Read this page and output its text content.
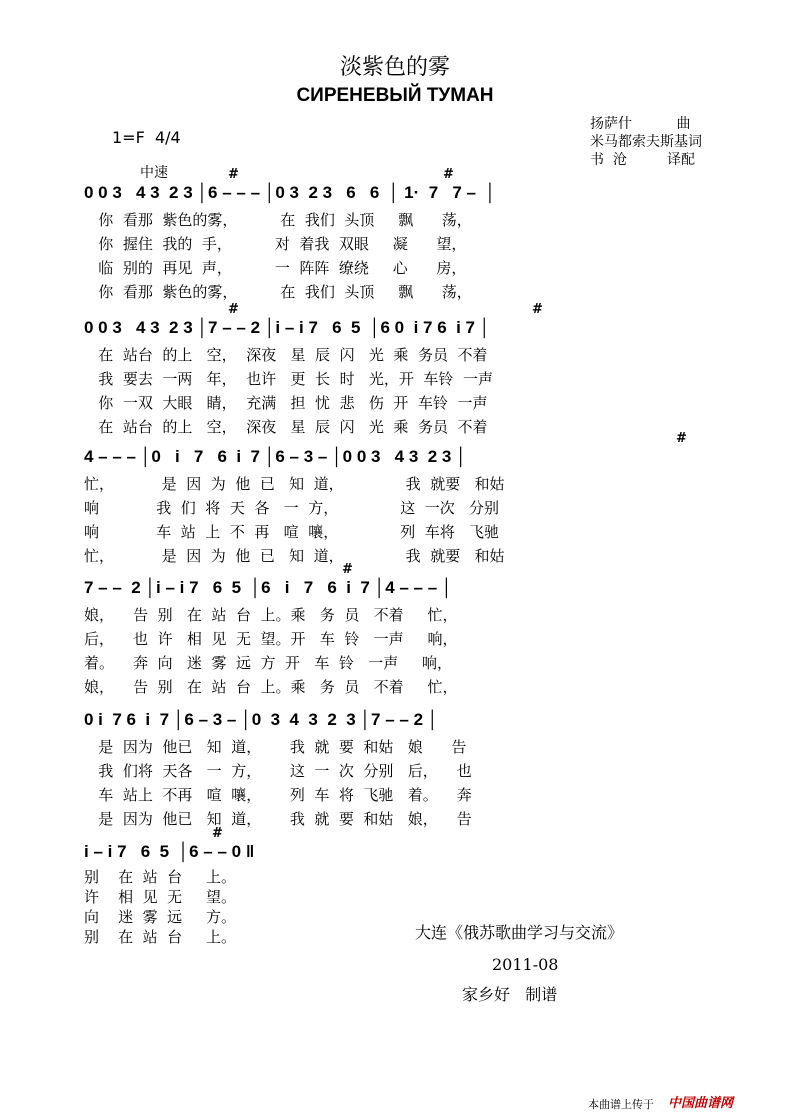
淡紫色的雾
СИРЕНЕВЫЙ ТУМАН
1=F  4/4
中速
扬萨什          曲
米马都索夫斯基词
书  沧         译配
0 0 3   4 3  2 3 │6 – – – │0 3  2 3   6   6  │ 1·  7   7 –  │
#	#
你  看那  紫色的雾，         在  我们  头顶     飘      荡，
你  握住  我的  手，         对  着我  双眼     凝      望，
临  别的  再见  声，         一  阵阵  缭绕     心      房，
你  看那  紫色的雾，         在  我们  头顶     飘      荡，
0 0 3   4 3  2 3 │7 – – 2 │i – i 7   6  5  │6 0  i 7 6  i 7 │
#	#
在  站台  的上   空，  深夜   星  辰  闪   光  乘  务员  不着
我  要去  一两   年，  也许   更  长  时   光，开  车铃  一声
你  一双  大眼   睛，  充满   担  忧  悲   伤  开  车铃  一声
在  站台  的上   空，  深夜   星  辰  闪   光  乘  务员  不着
4 – – – │0   i   7   6  i  7 │6 – 3 – │0 0 3   4 3  2 3 │
#
忙，          是  因  为  他  已   知  道，             我  就要   和姑
响            我  们  将  天  各   一  方，             这  一次   分别
响            车  站  上  不  再   喧  嚷，             列  车将   飞驰
忙，          是  因  为  他  已   知  道，             我  就要   和姑
7 – –  2 │i – i 7   6  5  │6   i   7   6  i  7 │4 – – – │
#
娘，    告  别   在  站  台  上。乘   务  员   不着     忙，
后，    也  许   相  见  无  望。开   车  铃   一声     响，
着。    奔  向   迷  雾  远  方  开   车  铃   一声     响，
娘，    告  别   在  站  台  上。乘   务  员   不着     忙，
0 i  7 6  i  7 │6 – 3 – │0  3  4  3  2  3 │7 – – 2 │
是  因为  他已   知  道，      我  就  要  和姑   娘      告
我  们将  天各   一  方，      这  一  次  分别   后，    也
车  站上  不再   喧  嚷，      列  车  将  飞驰   着。    奔
是  因为  他已   知  道，      我  就  要  和姑   娘，    告
i – i 7   6  5  │6 – – 0 ‖
#
别    在  站  台     上。
许    相  见  无     望。
向    迷  雾  远     方。
别    在  站  台     上。	大连《俄苏歌曲学习与交流》
2011-08
家乡好   制谱
本曲谱上传于 中国曲谱网
